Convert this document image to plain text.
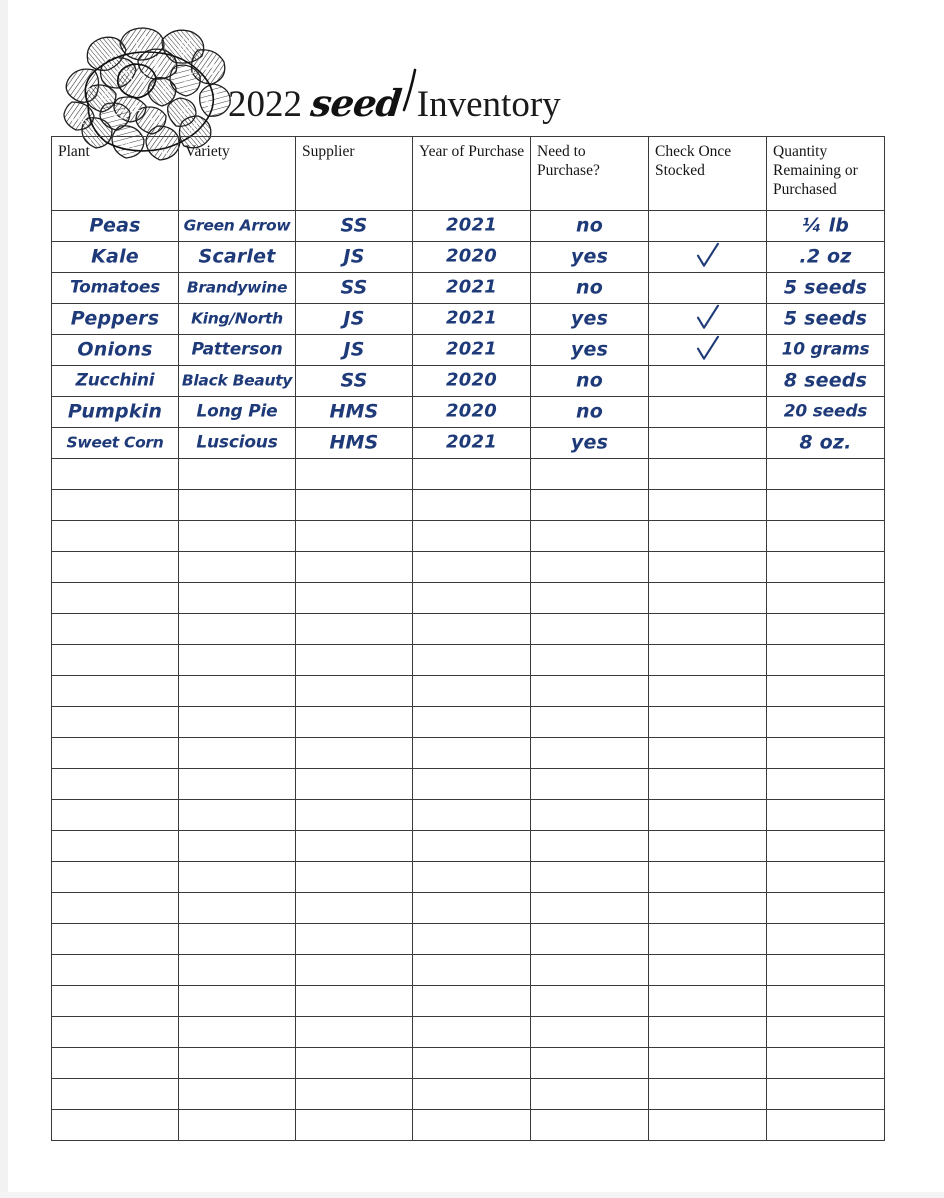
2022 seed Inventory
Plant	Variety	Supplier	Year of Purchase	Need to Purchase?	Check Once Stocked	Quantity Remaining or Purchased

Peas	Green Arrow	SS	2021	no		¼ lb

Kale	Scarlet	JS	2020	yes		.2 oz

Tomatoes	Brandywine	SS	2021	no		5 seeds

Peppers	King/North	JS	2021	yes		5 seeds

Onions	Patterson	JS	2021	yes		10 grams

Zucchini	Black Beauty	SS	2020	no		8 seeds

Pumpkin	Long Pie	HMS	2020	no		20 seeds

Sweet Corn	Luscious	HMS	2021	yes		8 oz.
